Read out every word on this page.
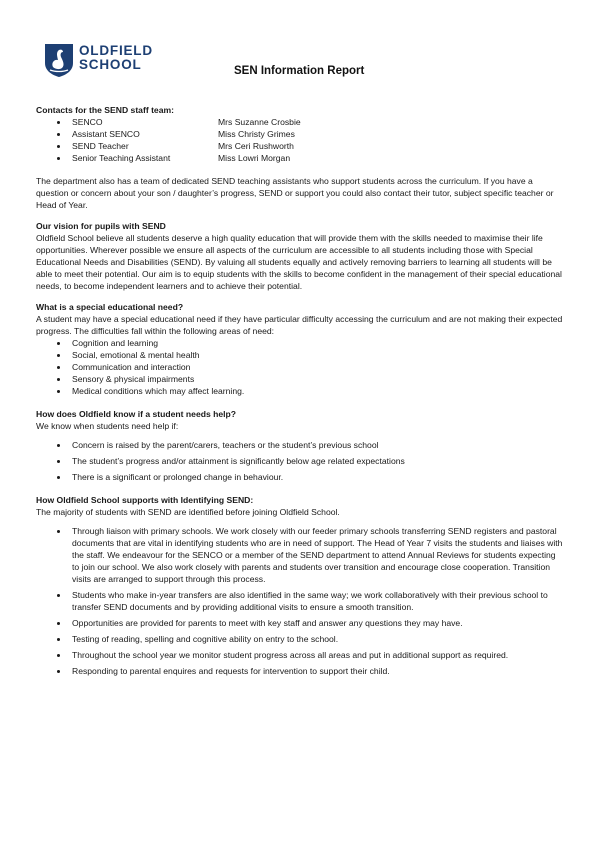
OLDFIELD
SCHOOL	SEN Information Report
Contacts for the SEND staff team:
SENCO	Mrs Suzanne Crosbie
Assistant SENCO	Miss Christy Grimes
SEND Teacher	Mrs Ceri Rushworth
Senior Teaching Assistant	Miss Lowri Morgan

The department also has a team of dedicated SEND teaching assistants who support students across the curriculum. If you have a question or concern about your son / daughter’s progress, SEND or support you could also contact their tutor, subject specific teacher or Head of Year.

Our vision for pupils with SEND

Oldfield School believe all students deserve a high quality education that will provide them with the skills needed to maximise their life opportunities. Wherever possible we ensure all aspects of the curriculum are accessible to all students including those with Special Educational Needs and Disabilities (SEND). By valuing all students equally and actively removing barriers to learning all students will be able to meet their potential. Our aim is to equip students with the skills to become confident in the management of their special educational needs, to become independent learners and to achieve their potential.

What is a special educational need?

A student may have a special educational need if they have particular difficulty accessing the curriculum and are not making their expected progress. The difficulties fall within the following areas of need:

Cognition and learning
Social, emotional & mental health
Communication and interaction
Sensory & physical impairments
Medical conditions which may affect learning.
How does Oldfield know if a student needs help?

We know when students need help if:

Concern is raised by the parent/carers, teachers or the student’s previous school
The student’s progress and/or attainment is significantly below age related expectations
There is a significant or prolonged change in behaviour.
How Oldfield School supports with Identifying SEND:

The majority of students with SEND are identified before joining Oldfield School.

Through liaison with primary schools. We work closely with our feeder primary schools transferring SEND registers and pastoral documents that are vital in identifying students who are in need of support. The Head of Year 7 visits the students and liaises with the staff. We endeavour for the SENCO or a member of the SEND department to attend Annual Reviews for students expecting to join our school. We also work closely with parents and students over transition and encourage close cooperation. Transition visits are arranged to support through this process.
Students who make in-year transfers are also identified in the same way; we work collaboratively with their previous school to transfer SEND documents and by providing additional visits to ensure a smooth transition.
Opportunities are provided for parents to meet with key staff and answer any questions they may have.
Testing of reading, spelling and cognitive ability on entry to the school.
Throughout the school year we monitor student progress across all areas and put in additional support as required.
Responding to parental enquires and requests for intervention to support their child.
